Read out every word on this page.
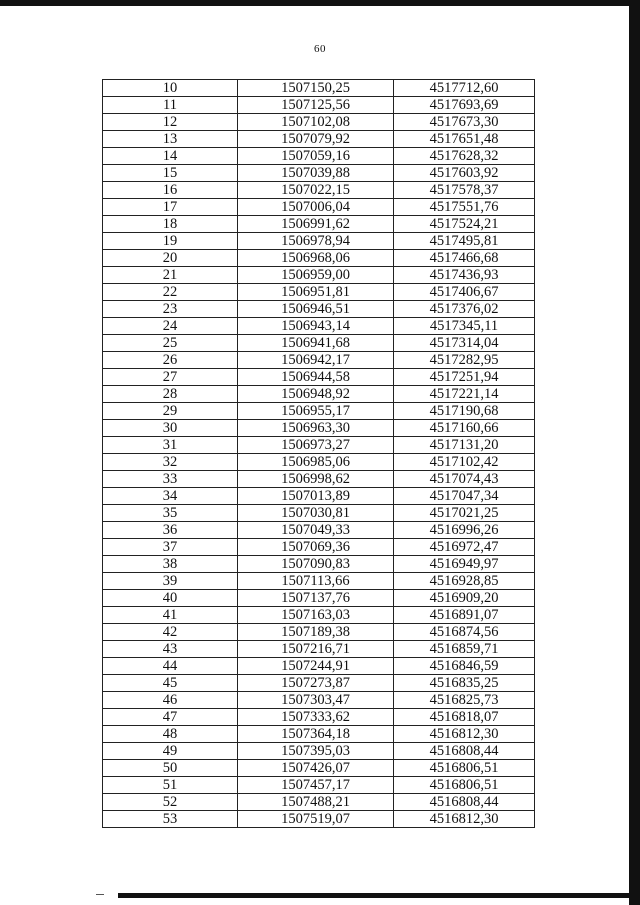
60
10	1507150,25	4517712,60
11	1507125,56	4517693,69
12	1507102,08	4517673,30
13	1507079,92	4517651,48
14	1507059,16	4517628,32
15	1507039,88	4517603,92
16	1507022,15	4517578,37
17	1507006,04	4517551,76
18	1506991,62	4517524,21
19	1506978,94	4517495,81
20	1506968,06	4517466,68
21	1506959,00	4517436,93
22	1506951,81	4517406,67
23	1506946,51	4517376,02
24	1506943,14	4517345,11
25	1506941,68	4517314,04
26	1506942,17	4517282,95
27	1506944,58	4517251,94
28	1506948,92	4517221,14
29	1506955,17	4517190,68
30	1506963,30	4517160,66
31	1506973,27	4517131,20
32	1506985,06	4517102,42
33	1506998,62	4517074,43
34	1507013,89	4517047,34
35	1507030,81	4517021,25
36	1507049,33	4516996,26
37	1507069,36	4516972,47
38	1507090,83	4516949,97
39	1507113,66	4516928,85
40	1507137,76	4516909,20
41	1507163,03	4516891,07
42	1507189,38	4516874,56
43	1507216,71	4516859,71
44	1507244,91	4516846,59
45	1507273,87	4516835,25
46	1507303,47	4516825,73
47	1507333,62	4516818,07
48	1507364,18	4516812,30
49	1507395,03	4516808,44
50	1507426,07	4516806,51
51	1507457,17	4516806,51
52	1507488,21	4516808,44
53	1507519,07	4516812,30
